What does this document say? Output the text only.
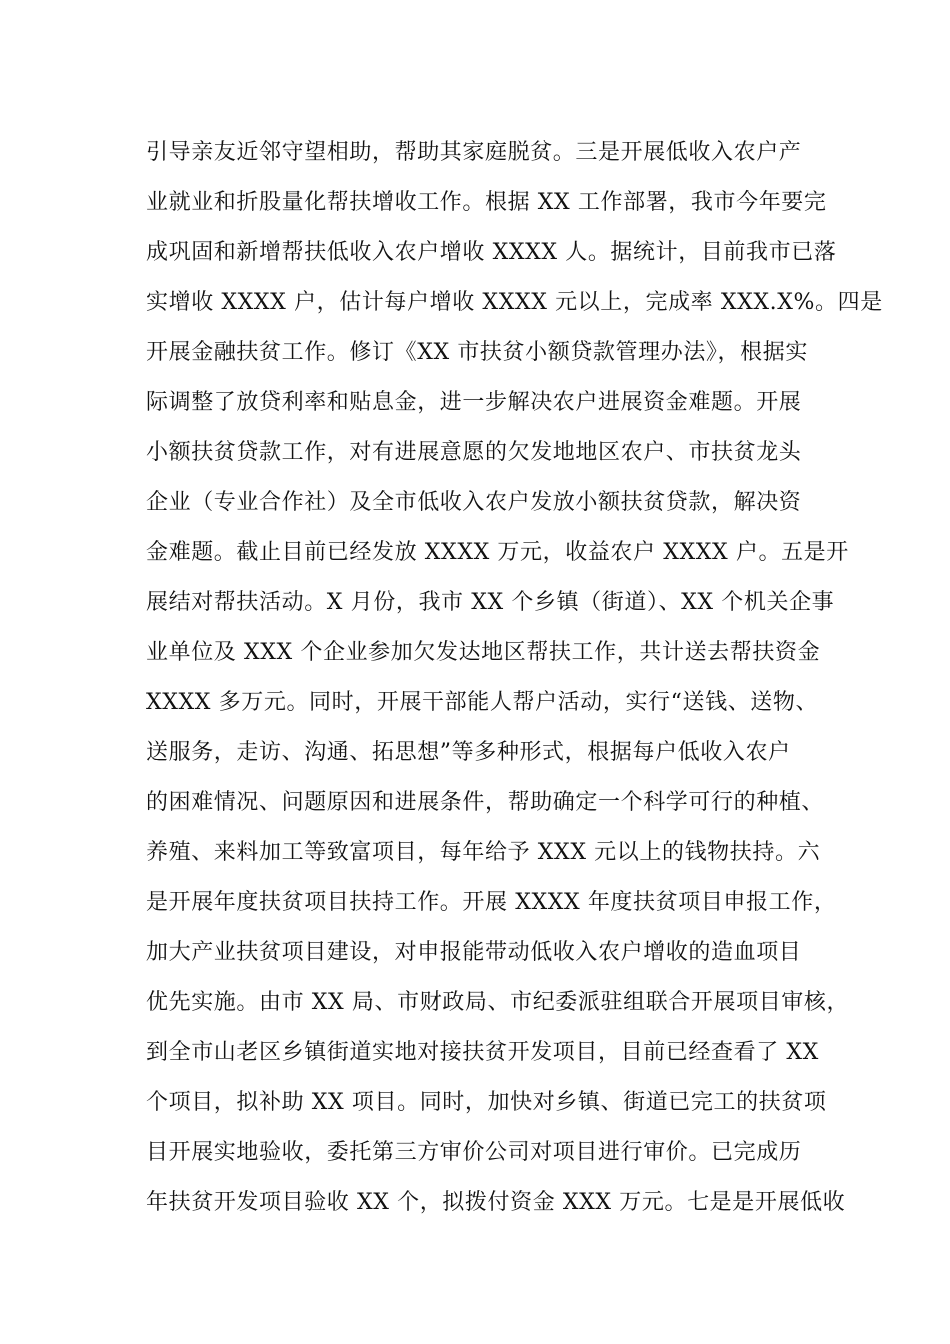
引导亲友近邻守望相助，帮助其家庭脱贫。三是开展低收入农户产
业就业和折股量化帮扶增收工作。根据 XX 工作部署，我市今年要完
成巩固和新增帮扶低收入农户增收 XXXX 人。据统计，目前我市已落
实增收 XXXX 户，估计每户增收 XXXX 元以上，完成率 XXX.X%。四是
开展金融扶贫工作。修订《XX 市扶贫小额贷款管理办法》，根据实
际调整了放贷利率和贴息金，进一步解决农户进展资金难题。开展
小额扶贫贷款工作，对有进展意愿的欠发地地区农户、市扶贫龙头
企业（专业合作社）及全市低收入农户发放小额扶贫贷款，解决资
金难题。截止目前已经发放 XXXX 万元，收益农户 XXXX 户。五是开
展结对帮扶活动。X 月份，我市 XX 个乡镇（街道）、XX 个机关企事
业单位及 XXX 个企业参加欠发达地区帮扶工作，共计送去帮扶资金
XXXX 多万元。同时，开展干部能人帮户活动，实行“送钱、送物、
送服务，走访、沟通、拓思想”等多种形式，根据每户低收入农户
的困难情况、问题原因和进展条件，帮助确定一个科学可行的种植、
养殖、来料加工等致富项目，每年给予 XXX 元以上的钱物扶持。六
是开展年度扶贫项目扶持工作。开展 XXXX 年度扶贫项目申报工作，
加大产业扶贫项目建设，对申报能带动低收入农户增收的造血项目
优先实施。由市 XX 局、市财政局、市纪委派驻组联合开展项目审核，
到全市山老区乡镇街道实地对接扶贫开发项目，目前已经查看了 XX
个项目，拟补助 XX 项目。同时，加快对乡镇、街道已完工的扶贫项
目开展实地验收，委托第三方审价公司对项目进行审价。已完成历
年扶贫开发项目验收 XX 个，拟拨付资金 XXX 万元。七是是开展低收
